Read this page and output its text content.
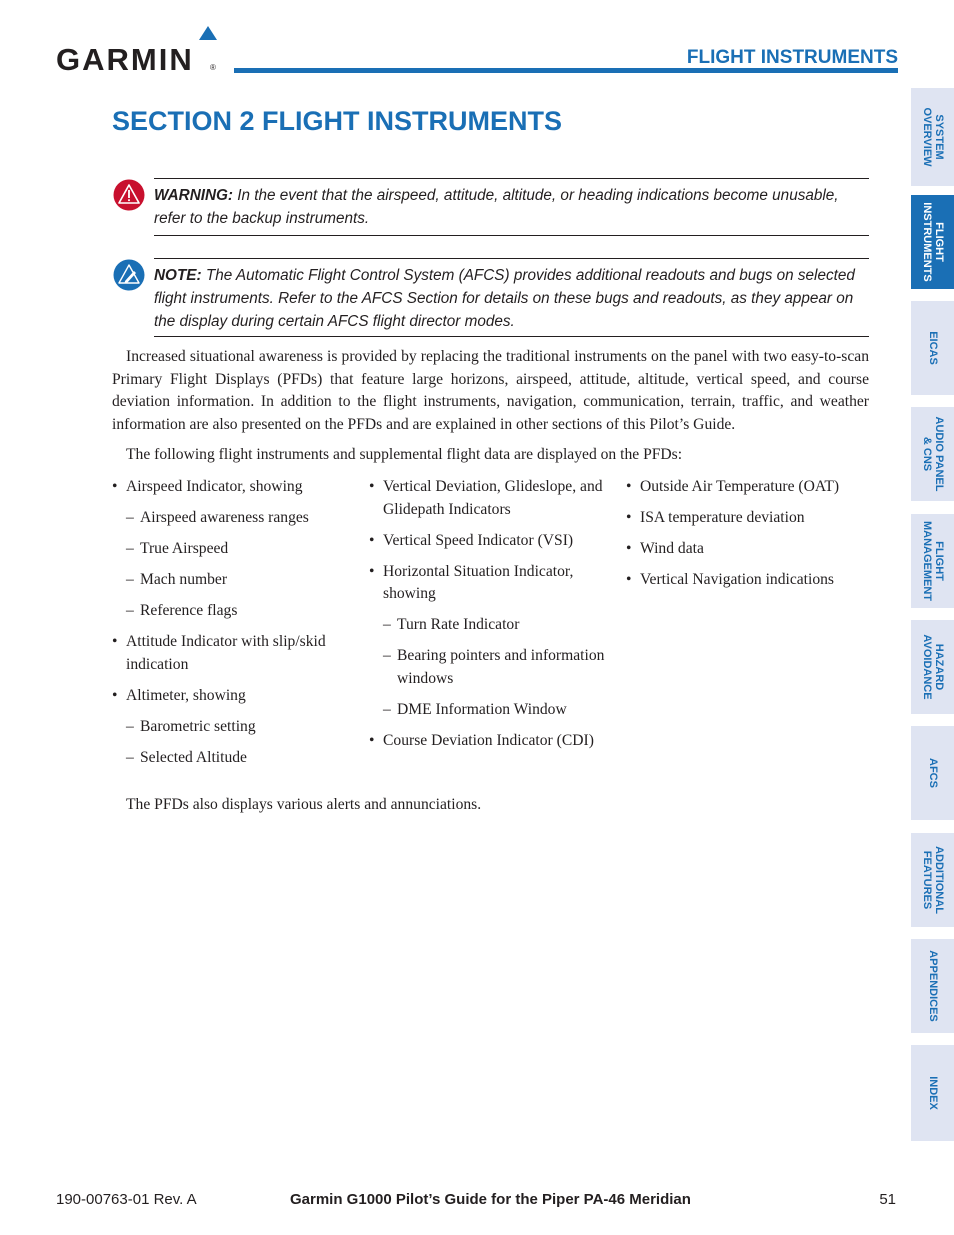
GARMIN ®	FLIGHT INSTRUMENTS
SECTION 2 FLIGHT INSTRUMENTS
WARNING: In the event that the airspeed, attitude, altitude, or heading indications become unusable, refer to the backup instruments.
NOTE: The Automatic Flight Control System (AFCS) provides additional readouts and bugs on selected flight instruments. Refer to the AFCS Section for details on these bugs and readouts, as they appear on the display during certain AFCS flight director modes.
Increased situational awareness is provided by replacing the traditional instruments on the panel with two easy-to-scan Primary Flight Displays (PFDs) that feature large horizons, airspeed, attitude, altitude, vertical speed, and course deviation information. In addition to the flight instruments, navigation, communication, terrain, traffic, and weather information are also presented on the PFDs and are explained in other sections of this Pilot’s Guide.
The following flight instruments and supplemental flight data are displayed on the PFDs:
• Airspeed Indicator, showing
– Airspeed awareness ranges
– True Airspeed
– Mach number
– Reference flags
• Attitude Indicator with slip/skid indication
• Altimeter, showing
– Barometric setting
– Selected Altitude
• Vertical Deviation, Glideslope, and Glidepath Indicators
• Vertical Speed Indicator (VSI)
• Horizontal Situation Indicator, showing
– Turn Rate Indicator
– Bearing pointers and information windows
– DME Information Window
• Course Deviation Indicator (CDI)
• Outside Air Temperature (OAT)
• ISA temperature deviation
• Wind data
• Vertical Navigation indications
The PFDs also displays various alerts and annunciations.
SYSTEM
OVERVIEW
FLIGHT
INSTRUMENTS
EICAS
AUDIO PANEL
& CNS
FLIGHT
MANAGEMENT
HAZARD
AVOIDANCE
AFCS
ADDITIONAL
FEATURES
APPENDICES
INDEX
190-00763-01 Rev. A	Garmin G1000 Pilot’s Guide for the Piper PA-46 Meridian	51
